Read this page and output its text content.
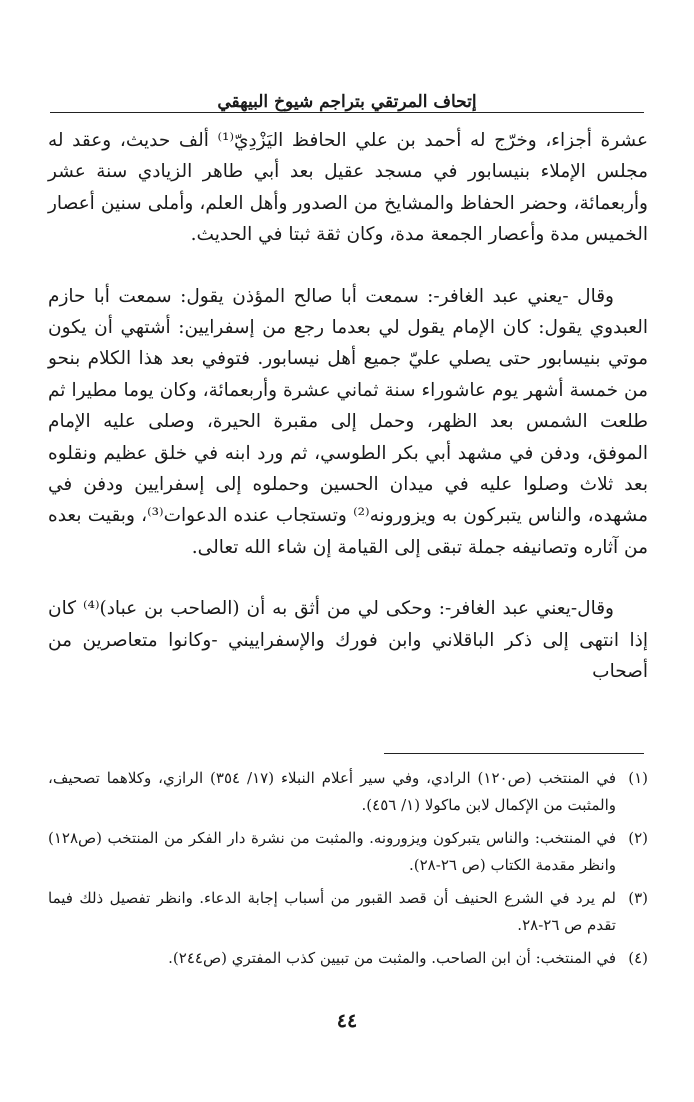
إتحاف المرتقي بتراجم شيوخ البيهقي

عشرة أجزاء، وخرّج له أحمد بن علي الحافظ اليَزْدِيّ⁽¹⁾ ألف حديث، وعقد له مجلس الإملاء بنيسابور في مسجد عقيل بعد أبي طاهر الزيادي سنة عشر وأربعمائة، وحضر الحفاظ والمشايخ من الصدور وأهل العلم، وأملى سنين أعصار الخميس مدة وأعصار الجمعة مدة، وكان ثقة ثبتا في الحديث.

وقال -يعني عبد الغافر-: سمعت أبا صالح المؤذن يقول: سمعت أبا حازم العبدوي يقول: كان الإمام يقول لي بعدما رجع من إسفرايين: أشتهي أن يكون موتي بنيسابور حتى يصلي عليّ جميع أهل نيسابور. فتوفي بعد هذا الكلام بنحو من خمسة أشهر يوم عاشوراء سنة ثماني عشرة وأربعمائة، وكان يوما مطيرا ثم طلعت الشمس بعد الظهر، وحمل إلى مقبرة الحيرة، وصلى عليه الإمام الموفق، ودفن في مشهد أبي بكر الطوسي، ثم ورد ابنه في خلق عظيم ونقلوه بعد ثلاث وصلوا عليه في ميدان الحسين وحملوه إلى إسفرايين ودفن في مشهده، والناس يتبركون به ويزورونه⁽²⁾ وتستجاب عنده الدعوات⁽³⁾، وبقيت بعده من آثاره وتصانيفه جملة تبقى إلى القيامة إن شاء الله تعالى.

وقال-يعني عبد الغافر-: وحكى لي من أثق به أن (الصاحب بن عباد)⁽⁴⁾ كان إذا انتهى إلى ذكر الباقلاني وابن فورك والإسفراييني -وكانوا متعاصرين من أصحاب

(١)
في المنتخب (ص١٢٠) الرادي، وفي سير أعلام النبلاء (١٧/ ٣٥٤) الرازي، وكلاهما تصحيف، والمثبت من الإكمال لابن ماكولا (١/ ٤٥٦).

(٢)
في المنتخب: والناس يتبركون ويزورونه. والمثبت من نشرة دار الفكر من المنتخب (ص١٢٨) وانظر مقدمة الكتاب (ص ٢٦-٢٨).

(٣)
لم يرد في الشرع الحنيف أن قصد القبور من أسباب إجابة الدعاء. وانظر تفصيل ذلك فيما تقدم ص ٢٦-٢٨.

(٤)
في المنتخب: أن ابن الصاحب. والمثبت من تبيين كذب المفتري (ص٢٤٤).

٤٤
